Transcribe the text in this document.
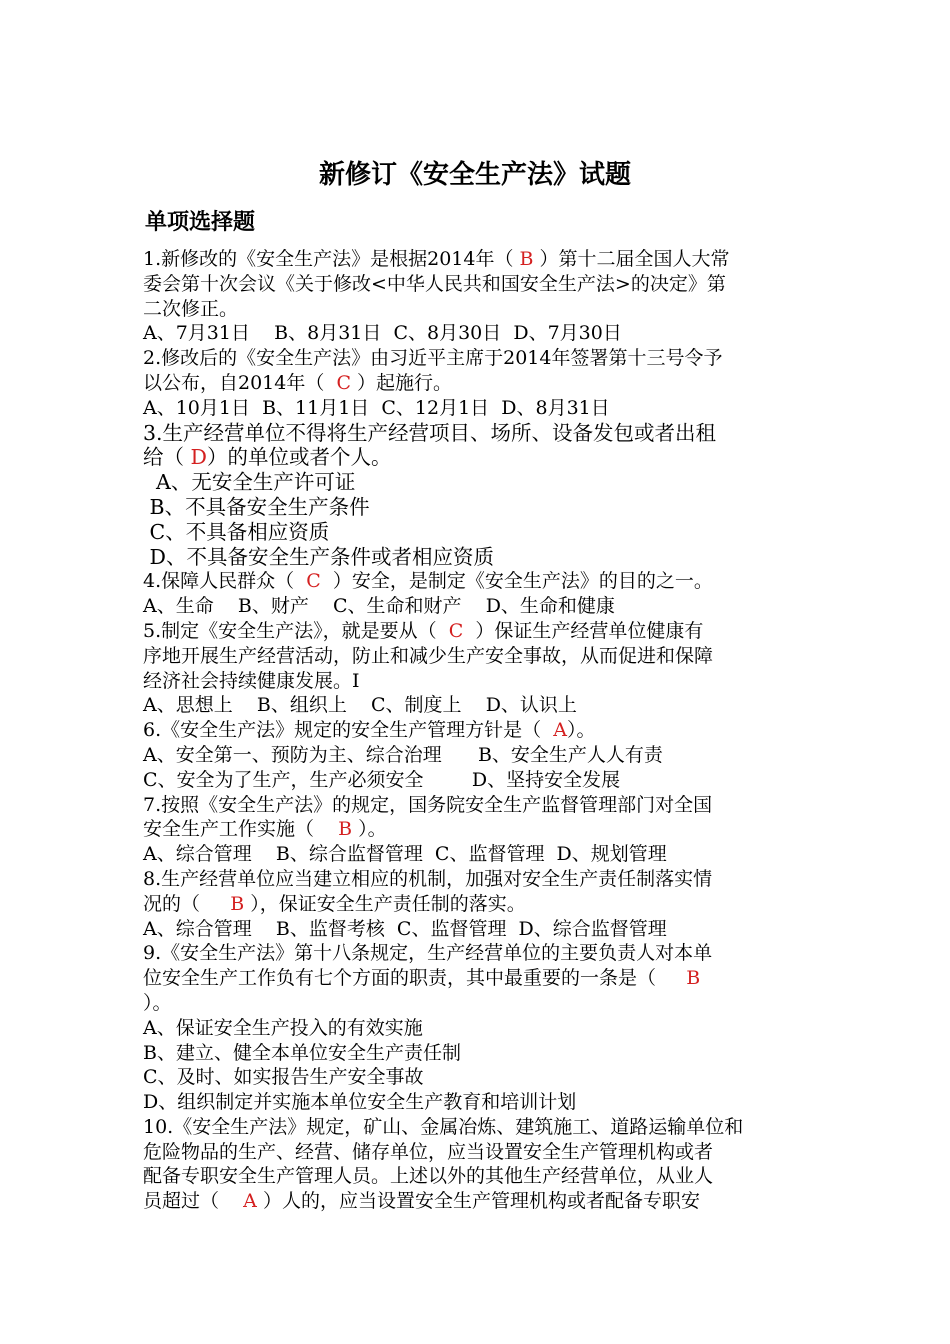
新修订《安全生产法》试题
单项选择题
1.新修改的《安全生产法》是根据2014年（ B ）第十二届全国人大常
委会第十次会议《关于修改<中华人民共和国安全生产法>的决定》第
二次修正。
A、7月31日    B、8月31日  C、8月30日  D、7月30日
2.修改后的《安全生产法》由习近平主席于2014年签署第十三号令予
以公布，自2014年（  C ）起施行。
A、10月1日  B、11月1日  C、12月1日  D、8月31日
3.生产经营单位不得将生产经营项目、场所、设备发包或者出租
给（ D）的单位或者个人。
A、无安全生产许可证
B、不具备安全生产条件
C、不具备相应资质
D、不具备安全生产条件或者相应资质
4.保障人民群众（  C  ）安全，是制定《安全生产法》的目的之一。
A、生命    B、财产    C、生命和财产    D、生命和健康
5.制定《安全生产法》，就是要从（  C  ）保证生产经营单位健康有
序地开展生产经营活动，防止和减少生产安全事故，从而促进和保障
经济社会持续健康发展。I
A、思想上    B、组织上    C、制度上    D、认识上
6.《安全生产法》规定的安全生产管理方针是（  A）。
A、安全第一、预防为主、综合治理      B、安全生产人人有责
C、安全为了生产，生产必须安全        D、坚持安全发展
7.按照《安全生产法》的规定，国务院安全生产监督管理部门对全国
安全生产工作实施（    B ）。
A、综合管理    B、综合监督管理  C、监督管理  D、规划管理
8.生产经营单位应当建立相应的机制，加强对安全生产责任制落实情
况的（     B ），保证安全生产责任制的落实。
A、综合管理    B、监督考核  C、监督管理  D、综合监督管理
9.《安全生产法》第十八条规定，生产经营单位的主要负责人对本单
位安全生产工作负有七个方面的职责，其中最重要的一条是（     B
）。
A、保证安全生产投入的有效实施
B、建立、健全本单位安全生产责任制
C、及时、如实报告生产安全事故
D、组织制定并实施本单位安全生产教育和培训计划
10.《安全生产法》规定，矿山、金属冶炼、建筑施工、道路运输单位和
危险物品的生产、经营、储存单位，应当设置安全生产管理机构或者
配备专职安全生产管理人员。上述以外的其他生产经营单位，从业人
员超过（    A ）人的，应当设置安全生产管理机构或者配备专职安
